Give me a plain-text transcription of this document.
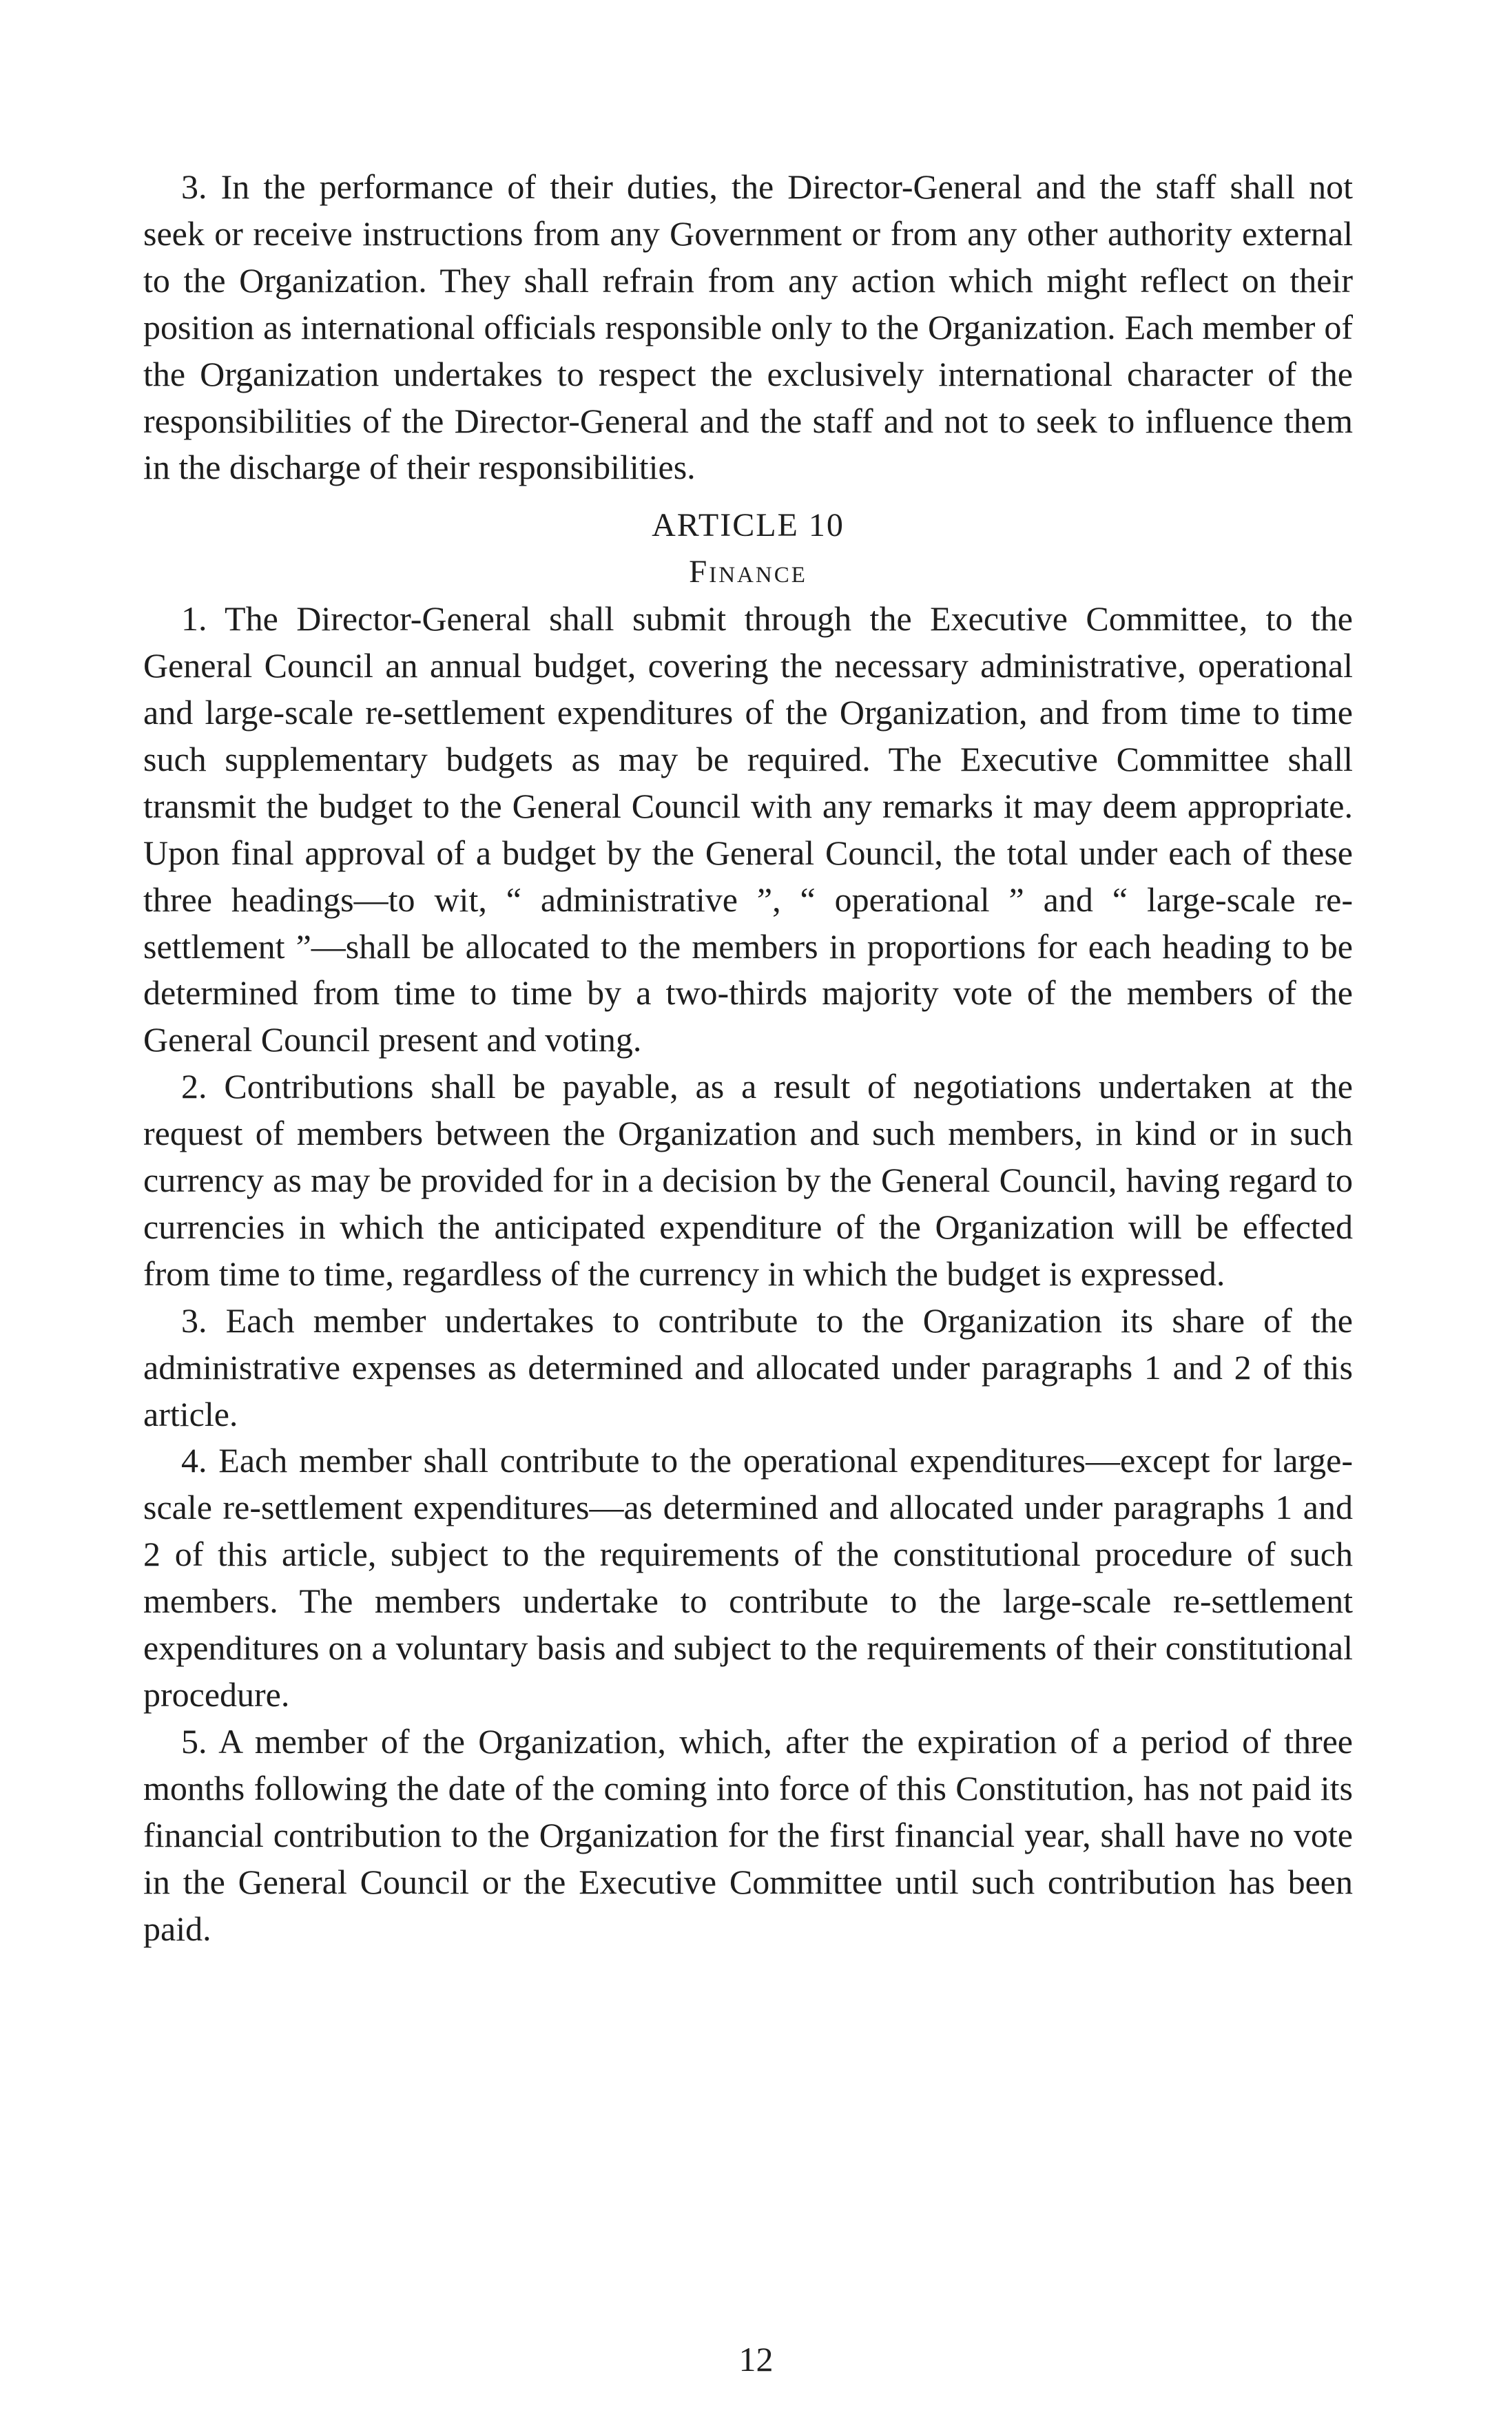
3. In the performance of their duties, the Director-General and the staff shall not seek or receive instructions from any Government or from any other authority external to the Organization. They shall refrain from any action which might reflect on their position as international officials responsible only to the Organization. Each member of the Organization undertakes to respect the exclusively international character of the responsibilities of the Director-General and the staff and not to seek to influence them in the discharge of their responsibilities.

ARTICLE 10

Finance

1. The Director-General shall submit through the Executive Committee, to the General Council an annual budget, covering the necessary administrative, operational and large-scale re-settlement expenditures of the Organization, and from time to time such supplementary budgets as may be required. The Executive Committee shall transmit the budget to the General Council with any remarks it may deem appropriate. Upon final approval of a budget by the General Council, the total under each of these three headings—to wit, “ administrative ”, “ operational ” and “ large-scale re-settlement ”—shall be allocated to the members in proportions for each heading to be determined from time to time by a two-thirds majority vote of the members of the General Council present and voting.

2. Contributions shall be payable, as a result of negotiations undertaken at the request of members between the Organization and such members, in kind or in such currency as may be provided for in a decision by the General Council, having regard to currencies in which the anticipated expenditure of the Organization will be effected from time to time, regardless of the currency in which the budget is expressed.

3. Each member undertakes to contribute to the Organization its share of the administrative expenses as determined and allocated under paragraphs 1 and 2 of this article.

4. Each member shall contribute to the operational expenditures—except for large-scale re-settlement expenditures—as determined and allocated under paragraphs 1 and 2 of this article, subject to the requirements of the constitutional procedure of such members. The members undertake to contribute to the large-scale re-settlement expenditures on a voluntary basis and subject to the requirements of their constitutional procedure.

5. A member of the Organization, which, after the expiration of a period of three months following the date of the coming into force of this Constitution, has not paid its financial contribution to the Organization for the first financial year, shall have no vote in the General Council or the Executive Committee until such contribution has been paid.

12
